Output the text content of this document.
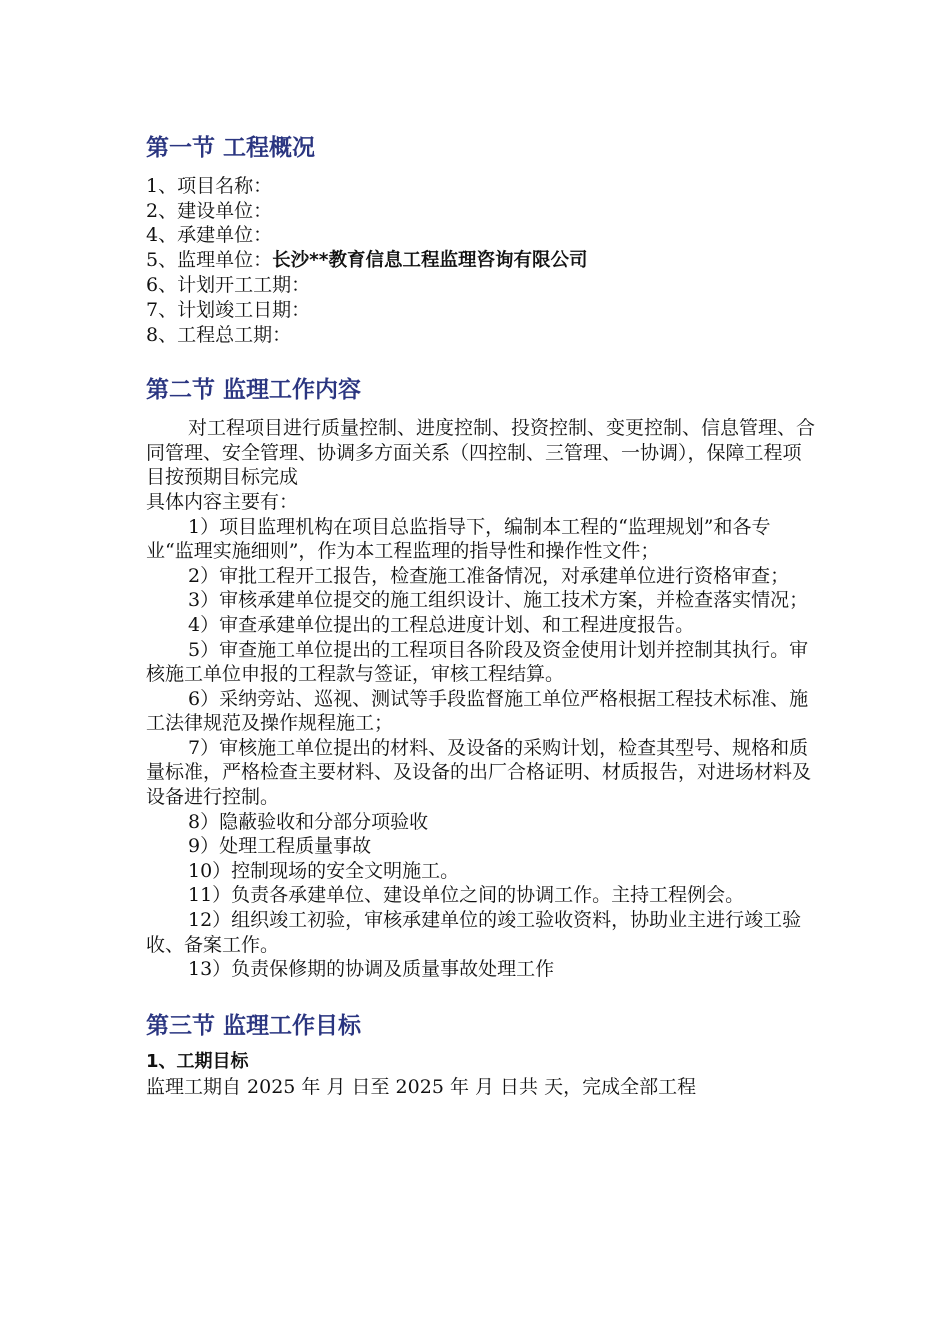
第一节 工程概况

1、项目名称：

2、建设单位：

4、承建单位：

5、监理单位：长沙**教育信息工程监理咨询有限公司

6、计划开工工期：

7、计划竣工日期：

8、工程总工期：

第二节 监理工作内容

对工程项目进行质量控制、进度控制、投资控制、变更控制、信息管理、合同管理、安全管理、协调多方面关系（四控制、三管理、一协调），保障工程项目按预期目标完成

具体内容主要有：

1）项目监理机构在项目总监指导下，编制本工程的“监理规划”和各专业“监理实施细则”，作为本工程监理的指导性和操作性文件；

2）审批工程开工报告，检查施工准备情况，对承建单位进行资格审查；

3）审核承建单位提交的施工组织设计、施工技术方案，并检查落实情况；

4）审查承建单位提出的工程总进度计划、和工程进度报告。

5）审查施工单位提出的工程项目各阶段及资金使用计划并控制其执行。审核施工单位申报的工程款与签证，审核工程结算。

6）采纳旁站、巡视、测试等手段监督施工单位严格根据工程技术标准、施工法律规范及操作规程施工；

7）审核施工单位提出的材料、及设备的采购计划，检查其型号、规格和质量标准，严格检查主要材料、及设备的出厂合格证明、材质报告，对进场材料及设备进行控制。

8）隐蔽验收和分部分项验收

9）处理工程质量事故

10）控制现场的安全文明施工。

11）负责各承建单位、建设单位之间的协调工作。主持工程例会。

12）组织竣工初验，审核承建单位的竣工验收资料，协助业主进行竣工验收、备案工作。

13）负责保修期的协调及质量事故处理工作

第三节 监理工作目标

1、工期目标

监理工期自 2025 年 月 日至 2025 年 月 日共 天，完成全部工程
